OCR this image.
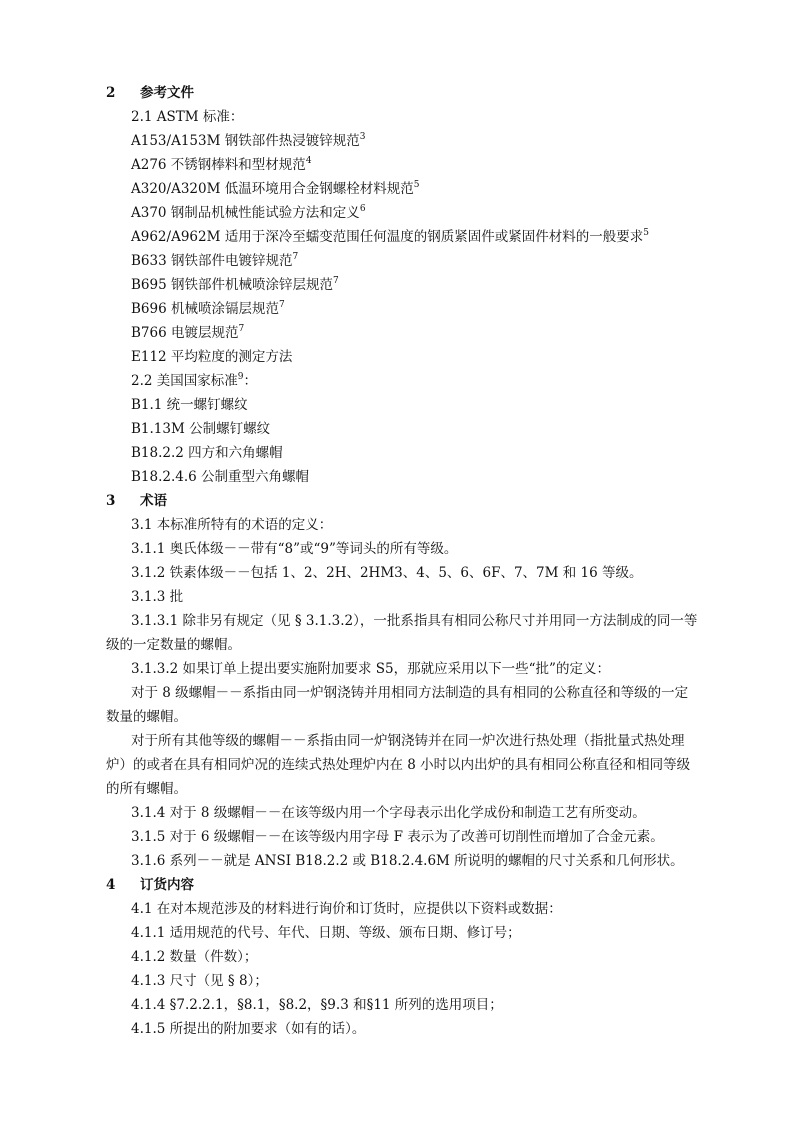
2 参考文件
2.1 ASTM 标准：
A153/A153M 钢铁部件热浸镀锌规范$^3$
A276 不锈钢棒料和型材规范$^4$
A320/A320M 低温环境用合金钢螺栓材料规范$^5$
A370 钢制品机械性能试验方法和定义$^6$
A962/A962M 适用于深冷至蠕变范围任何温度的钢质紧固件或紧固件材料的一般要求$^5$
B633 钢铁部件电镀锌规范$^7$
B695 钢铁部件机械喷涂锌层规范$^7$
B696 机械喷涂镉层规范$^7$
B766 电镀层规范$^7$
E112 平均粒度的测定方法
2.2 美国国家标准$^9$：
B1.1 统一螺钉螺纹
B1.13M 公制螺钉螺纹
B18.2.2 四方和六角螺帽
B18.2.4.6 公制重型六角螺帽
3 术语
3.1 本标准所特有的术语的定义：
3.1.1 奥氏体级－－带有“8”或“9”等词头的所有等级。
3.1.2 铁素体级－－包括 1、2、2H、2HM3、4、5、6、6F、7、7M 和 16 等级。
3.1.3 批
3.1.3.1 除非另有规定（见 § 3.1.3.2），一批系指具有相同公称尺寸并用同一方法制成的同一等
级的一定数量的螺帽。
3.1.3.2 如果订单上提出要实施附加要求 S5，那就应采用以下一些“批”的定义：
对于 8 级螺帽－－系指由同一炉钢浇铸并用相同方法制造的具有相同的公称直径和等级的一定
数量的螺帽。
对于所有其他等级的螺帽－－系指由同一炉钢浇铸并在同一炉次进行热处理（指批量式热处理
炉）的或者在具有相同炉况的连续式热处理炉内在 8 小时以内出炉的具有相同公称直径和相同等级
的所有螺帽。
3.1.4 对于 8 级螺帽－－在该等级内用一个字母表示出化学成份和制造工艺有所变动。
3.1.5 对于 6 级螺帽－－在该等级内用字母 F 表示为了改善可切削性而增加了合金元素。
3.1.6 系列－－就是 ANSI B18.2.2 或 B18.2.4.6M 所说明的螺帽的尺寸关系和几何形状。
4 订货内容
4.1 在对本规范涉及的材料进行询价和订货时，应提供以下资料或数据：
4.1.1 适用规范的代号、年代、日期、等级、颁布日期、修订号；
4.1.2 数量（件数）；
4.1.3 尺寸（见 § 8）；
4.1.4 §7.2.2.1，§8.1，§8.2，§9.3 和§11 所列的选用项目；
4.1.5 所提出的附加要求（如有的话）。
